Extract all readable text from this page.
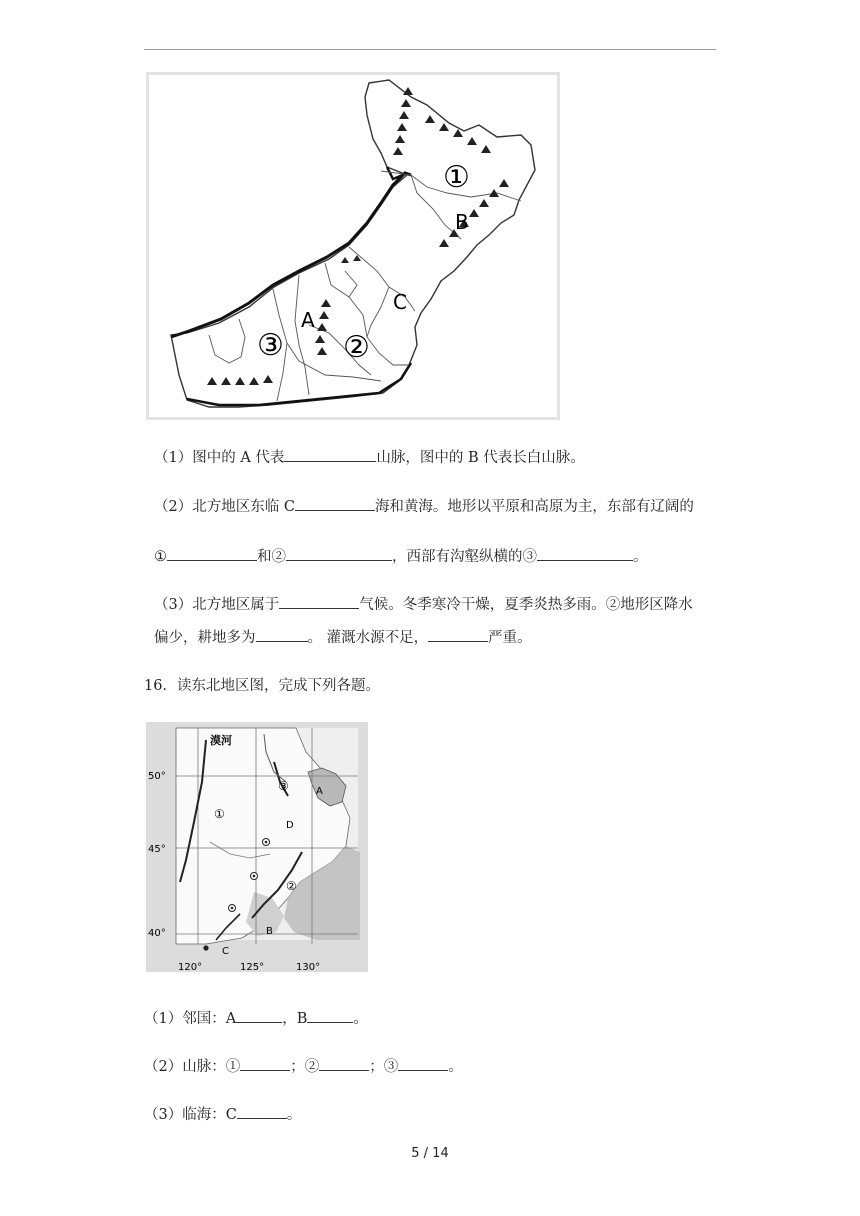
①
③ ②
A
B
C
（1）图中的 A 代表	山脉，图中的 B 代表长白山脉。
（2）北方地区东临 C	海和黄海。地形以平原和高原为主，东部有辽阔的
①	和②	，西部有沟壑纵横的③	。
（3）北方地区属于	气候。冬季寒冷干燥，夏季炎热多雨。②地形区降水
偏少，耕地多为	。 灌溉水源不足，	严重。
16．读东北地区图，完成下列各题。
漠河
50°
45°
40°
120°	125°	130°
①
②
③	A
B
C
D
（1）邻国：A	，B	。
（2）山脉：①	；②	；③	。
（3）临海：C	。
5 / 14
